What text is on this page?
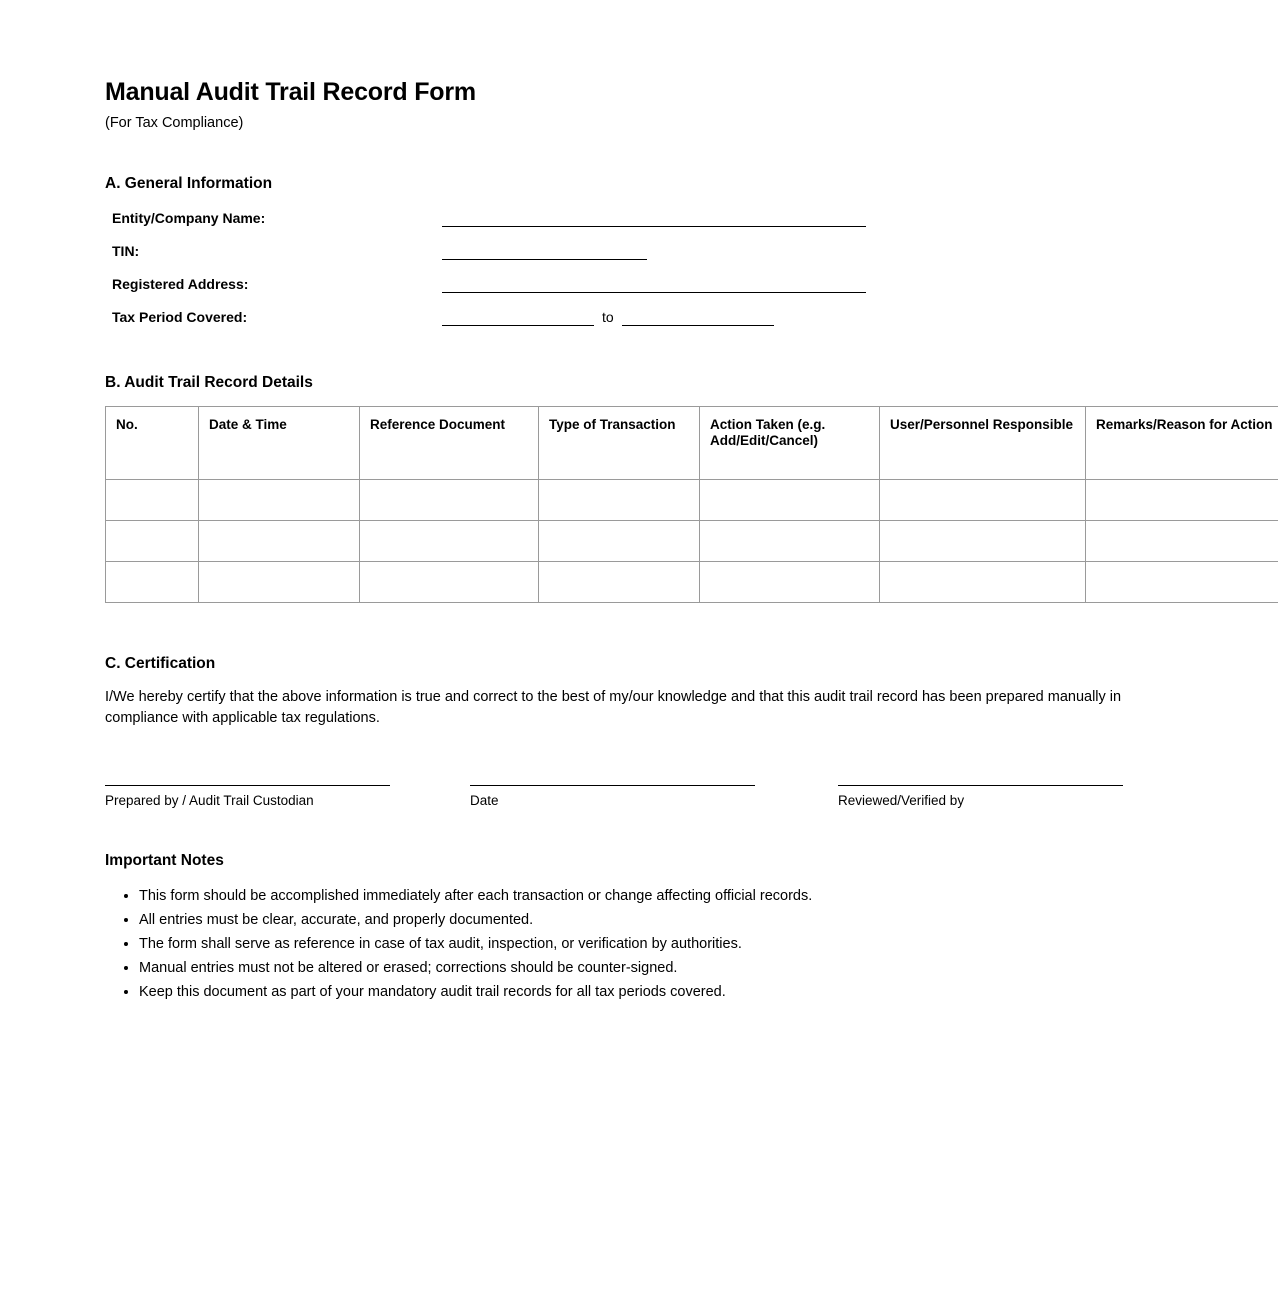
Manual Audit Trail Record Form
(For Tax Compliance)
A. General Information
Entity/Company Name:
TIN:
Registered Address:
Tax Period Covered:	to
B. Audit Trail Record Details
No.	Date & Time	Reference Document	Type of Transaction	Action Taken (e.g. Add/Edit/Cancel)	User/Personnel Responsible	Remarks/Reason for Action

C. Certification

I/We hereby certify that the above information is true and correct to the best of my/our knowledge and that this audit trail record has been prepared manually in compliance with applicable tax regulations.

Prepared by / Audit Trail Custodian	Date	Reviewed/Verified by
Important Notes
• This form should be accomplished immediately after each transaction or change affecting official records.
• All entries must be clear, accurate, and properly documented.
• The form shall serve as reference in case of tax audit, inspection, or verification by authorities.
• Manual entries must not be altered or erased; corrections should be counter-signed.
• Keep this document as part of your mandatory audit trail records for all tax periods covered.
